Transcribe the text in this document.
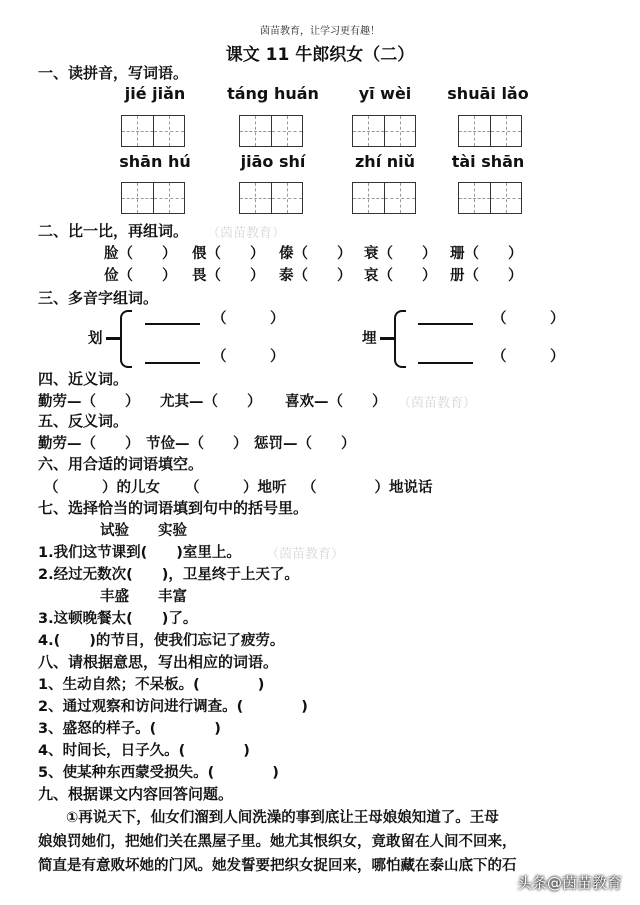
茵苗教育，让学习更有趣！
课文 11 牛郎织女（二）
一、读拼音，写词语。
jié jiǎn	táng huán	yī wèi	shuāi lǎo
shān hú	jiāo shí	zhí niǔ	tài shān
二、比一比，再组词。 （茵苗教育）
脸（　　） 偎（　　） 傣（　　） 衰（　　） 珊（　　）
俭（　　） 畏（　　） 泰（　　） 哀（　　） 册（　　）
三、多音字组词。
划
（　　　）
（　　　）
埋
（　　　）
（　　　）
四、近义词。
勤劳—（　　） 尤其—（　　） 喜欢—（　　） （茵苗教育）
五、反义词。
勤劳—（　　） 节俭—（　　） 惩罚—（　　）
六、用合适的词语填空。
（　　　）的儿女 （　　　）地听 （　　　　）地说话
七、选择恰当的词语填到句中的括号里。
试验　　实验
1.我们这节课到(　　)室里上。 （茵苗教育）
2.经过无数次(　　)，卫星终于上天了。
丰盛　　丰富
3.这顿晚餐太(　　)了。
4.(　　)的节目，使我们忘记了疲劳。
八、请根据意思，写出相应的词语。
1、生动自然；不呆板。(　　　　)
2、通过观察和访问进行调查。(　　　　)
3、盛怒的样子。(　　　　)
4、时间长，日子久。(　　　　)
5、使某种东西蒙受损失。(　　　　)
九、根据课文内容回答问题。
①再说天下，仙女们溜到人间洗澡的事到底让王母娘娘知道了。王母
娘娘罚她们，把她们关在黑屋子里。她尤其恨织女，竟敢留在人间不回来，
简直是有意败坏她的门风。她发誓要把织女捉回来，哪怕藏在泰山底下的石
头条@茵苗教育
